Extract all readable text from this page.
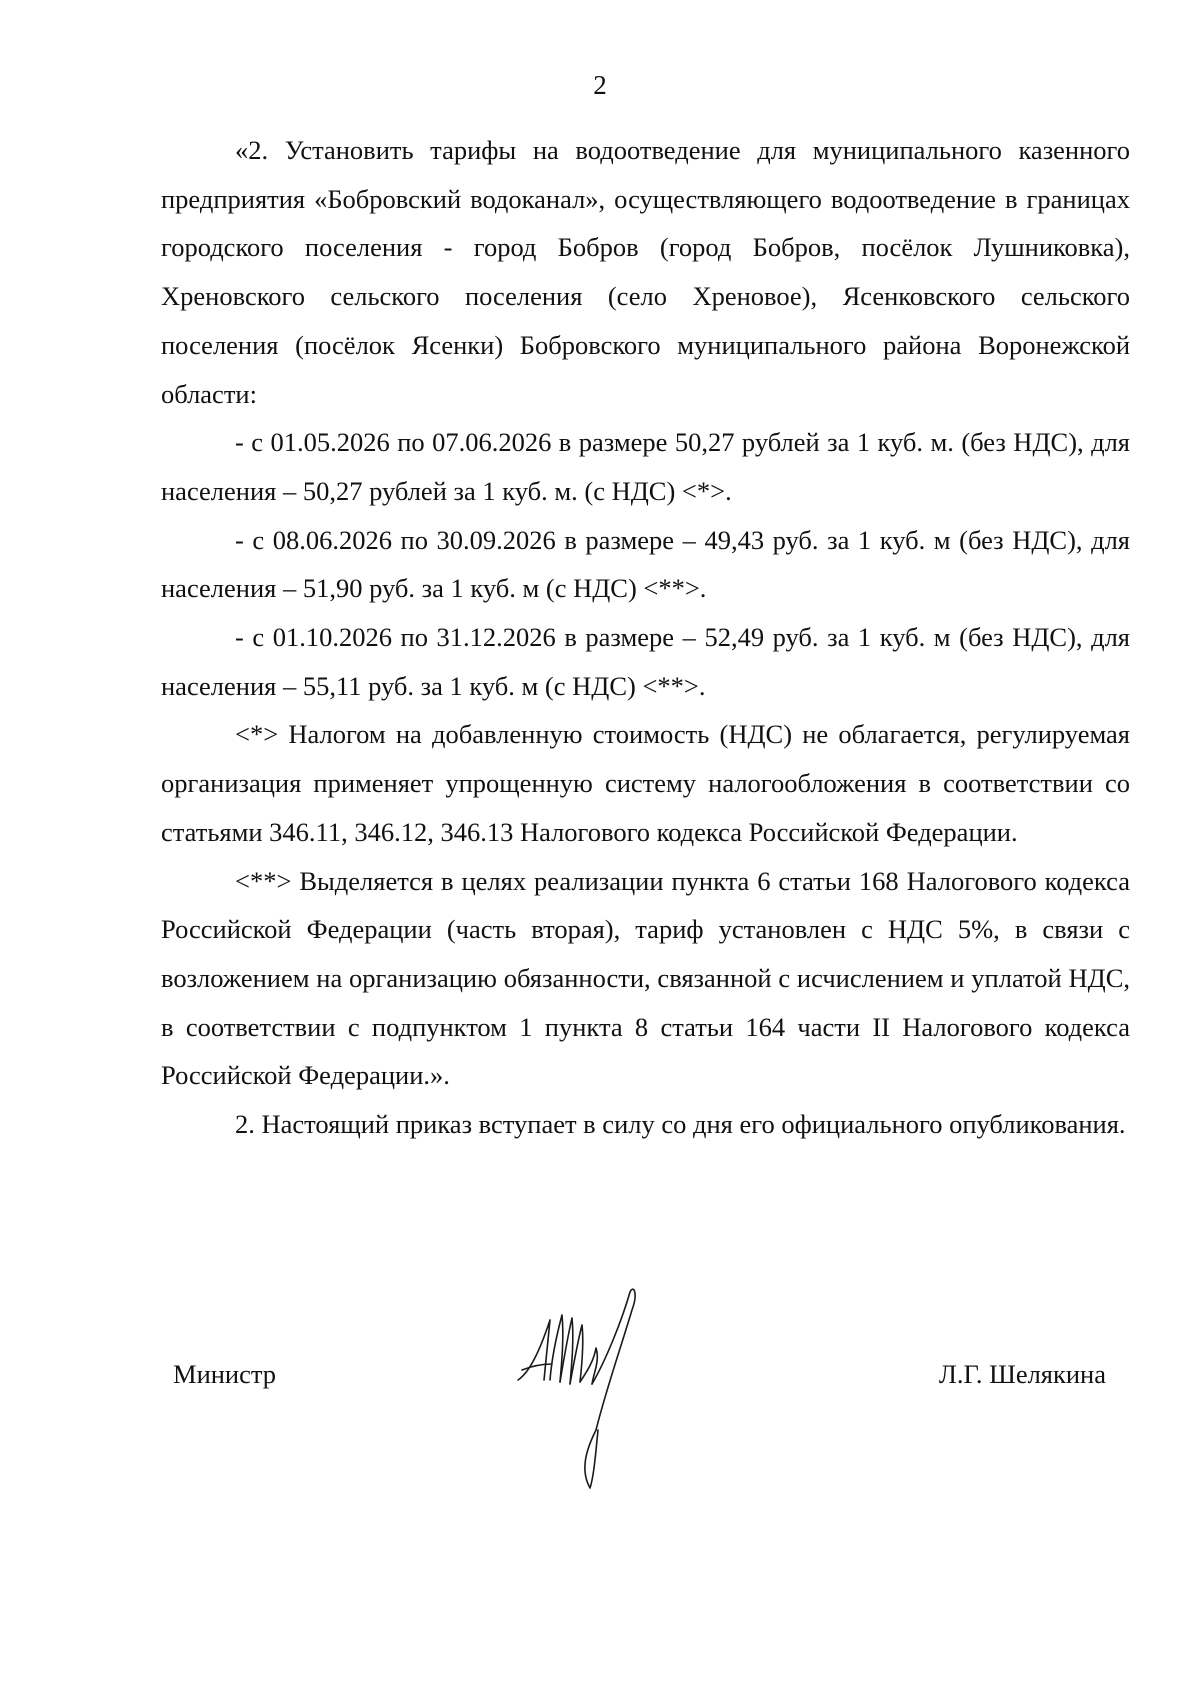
2

«2. Установить тарифы на водоотведение для муниципального казенного предприятия «Бобровский водоканал», осуществляющего водоотведение в границах городского поселения - город Бобров (город Бобров, посёлок Лушниковка), Хреновского сельского поселения (село Хреновое), Ясенковского сельского поселения (посёлок Ясенки) Бобровского муниципального района Воронежской области:

- с 01.05.2026 по 07.06.2026 в размере 50,27 рублей за 1 куб. м. (без НДС), для населения – 50,27 рублей за 1 куб. м. (с НДС) <*>.

- с 08.06.2026 по 30.09.2026 в размере – 49,43 руб. за 1 куб. м (без НДС), для населения – 51,90 руб. за 1 куб. м (с НДС) <**>.

- с 01.10.2026 по 31.12.2026 в размере – 52,49 руб. за 1 куб. м (без НДС), для населения – 55,11 руб. за 1 куб. м (с НДС) <**>.

<*> Налогом на добавленную стоимость (НДС) не облагается, регулируемая организация применяет упрощенную систему налогообложения в соответствии со статьями 346.11, 346.12, 346.13 Налогового кодекса Российской Федерации.

<**> Выделяется в целях реализации пункта 6 статьи 168 Налогового кодекса Российской Федерации (часть вторая), тариф установлен с НДС 5%, в связи с возложением на организацию обязанности, связанной с исчислением и уплатой НДС, в соответствии с подпунктом 1 пункта 8 статьи 164 части II Налогового кодекса Российской Федерации.».

2. Настоящий приказ вступает в силу со дня его официального опубликования.

Министр	Л.Г. Шелякина
